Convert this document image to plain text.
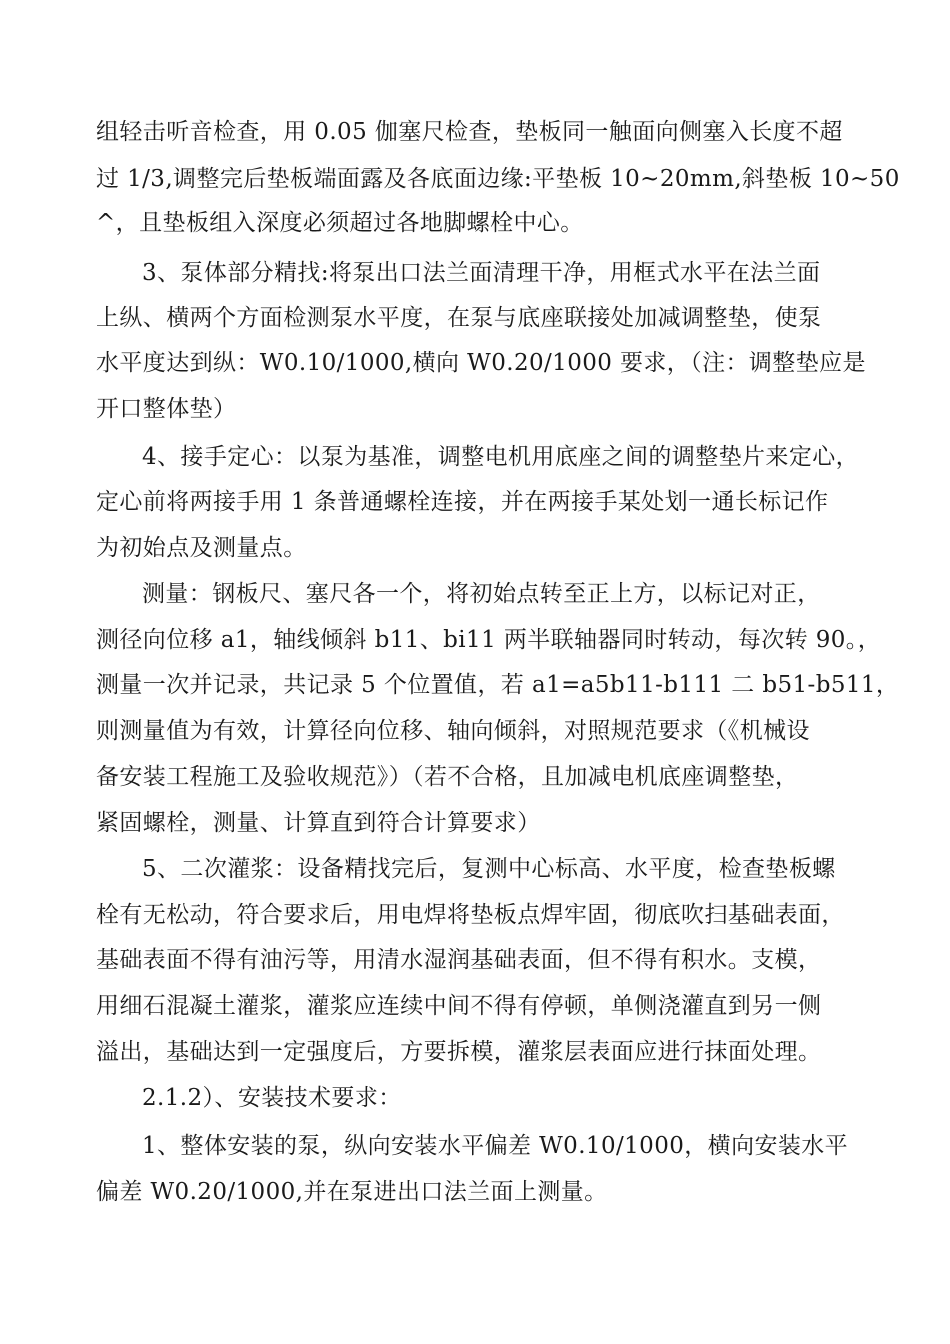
组轻击听音检查，用 0.05 伽塞尺检查，垫板同一触面向侧塞入长度不超
过 1/3,调整完后垫板端面露及各底面边缘:平垫板 10~20mm,斜垫板 10~50
^，且垫板组入深度必须超过各地脚螺栓中心。
3、泵体部分精找:将泵出口法兰面清理干净，用框式水平在法兰面
上纵、横两个方面检测泵水平度，在泵与底座联接处加减调整垫，使泵
水平度达到纵：W0.10/1000,横向 W0.20/1000 要求，（注：调整垫应是
开口整体垫）
4、接手定心：以泵为基准，调整电机用底座之间的调整垫片来定心，
定心前将两接手用 1 条普通螺栓连接，并在两接手某处划一通长标记作
为初始点及测量点。
测量：钢板尺、塞尺各一个，将初始点转至正上方，以标记对正，
测径向位移 a1，轴线倾斜 b11、bi11 两半联轴器同时转动，每次转 90。，
测量一次并记录，共记录 5 个位置值，若 a1=a5b11-b111 二 b51-b511，
则测量值为有效，计算径向位移、轴向倾斜，对照规范要求（《机械设
备安装工程施工及验收规范》）（若不合格，且加减电机底座调整垫，
紧固螺栓，测量、计算直到符合计算要求）
5、二次灌浆：设备精找完后，复测中心标高、水平度，检查垫板螺
栓有无松动，符合要求后，用电焊将垫板点焊牢固，彻底吹扫基础表面，
基础表面不得有油污等，用清水湿润基础表面，但不得有积水。支模，
用细石混凝土灌浆，灌浆应连续中间不得有停顿，单侧浇灌直到另一侧
溢出，基础达到一定强度后，方要拆模，灌浆层表面应进行抹面处理。
2.1.2）、安装技术要求：
1、整体安装的泵，纵向安装水平偏差 W0.10/1000，横向安装水平
偏差 W0.20/1000,并在泵进出口法兰面上测量。
